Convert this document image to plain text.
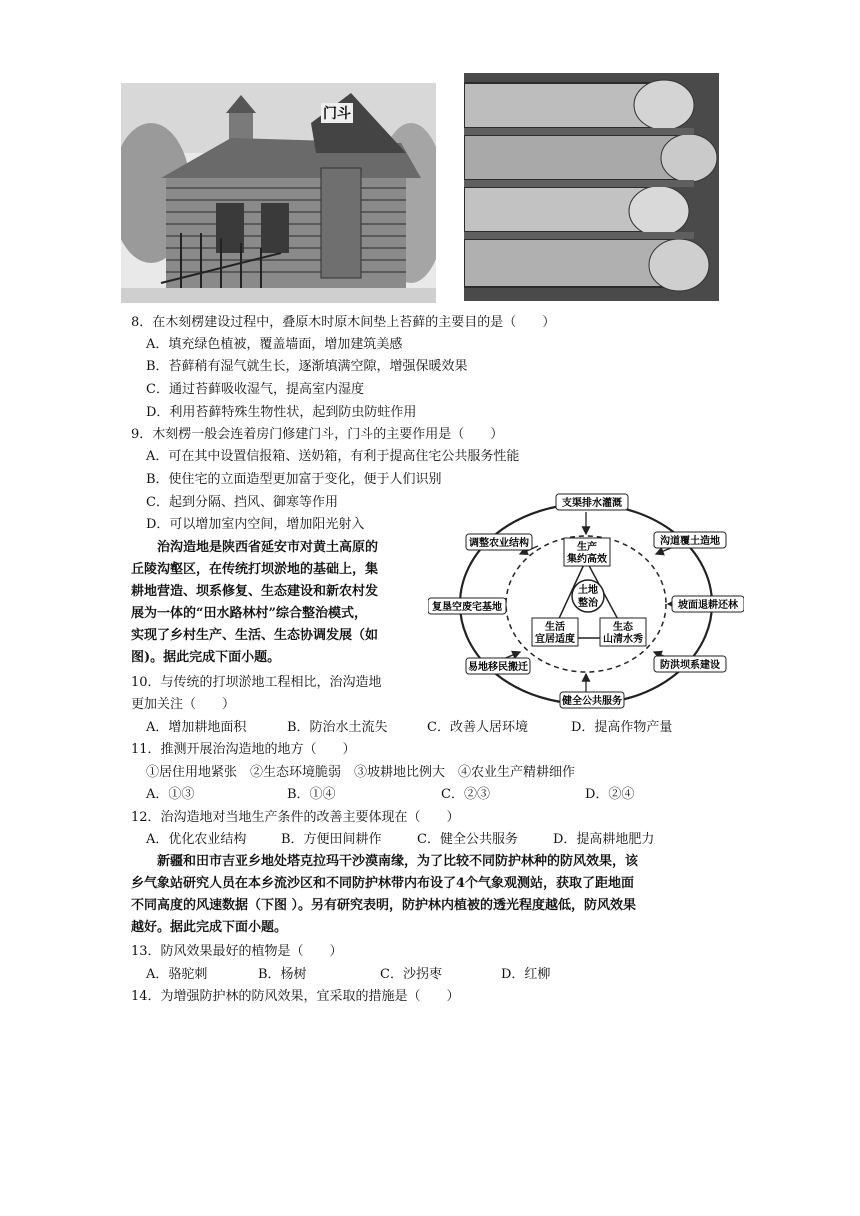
门斗
8．在木刻楞建设过程中，叠原木时原木间垫上苔藓的主要目的是（　　）
A．填充绿色植被，覆盖墙面，增加建筑美感
B．苔藓稍有湿气就生长，逐渐填满空隙，增强保暖效果
C．通过苔藓吸收湿气，提高室内湿度
D．利用苔藓特殊生物性状，起到防虫防蛀作用
9．木刻楞一般会连着房门修建门斗，门斗的主要作用是（　　）
A．可在其中设置信报箱、送奶箱，有利于提高住宅公共服务性能
B．使住宅的立面造型更加富于变化，便于人们识别
C．起到分隔、挡风、御寒等作用
D．可以增加室内空间，增加阳光射入
　　治沟造地是陕西省延安市对黄土高原的
丘陵沟壑区，在传统打坝淤地的基础上，集
耕地营造、坝系修复、生态建设和新农村发
展为一体的“田水路林村”综合整治模式，
实现了乡村生产、生活、生态协调发展（如
图)。据此完成下面小题。
土地
整治
生产
集约高效
生活
宜居适度
生态
山清水秀
支渠排水灌溉
沟道覆土造地
坡面退耕还林
防洪坝系建设
健全公共服务
易地移民搬迁
复垦空废宅基地
调整农业结构
10．与传统的打坝淤地工程相比，治沟造地
更加关注（　　）
A．增加耕地面积	B．防治水土流失	C．改善人居环境	D．提高作物产量
11．推测开展治沟造地的地方（　　）
①居住用地紧张　②生态环境脆弱　③坡耕地比例大　④农业生产精耕细作
A．①③	B．①④	C．②③	D．②④
12．治沟造地对当地生产条件的改善主要体现在（　　）
A．优化农业结构	B．方便田间耕作	C．健全公共服务	D．提高耕地肥力
　　新疆和田市吉亚乡地处塔克拉玛干沙漠南缘，为了比较不同防护林种的防风效果，该
乡气象站研究人员在本乡流沙区和不同防护林带内布设了4个气象观测站，获取了距地面
不同高度的风速数据（下图 ）。另有研究表明，防护林内植被的透光程度越低，防风效果
越好。据此完成下面小题。
13．防风效果最好的植物是（　　）
A．骆驼刺	B．杨树	C．沙拐枣	D．红柳
14．为增强防护林的防风效果，宜采取的措施是（　　）
